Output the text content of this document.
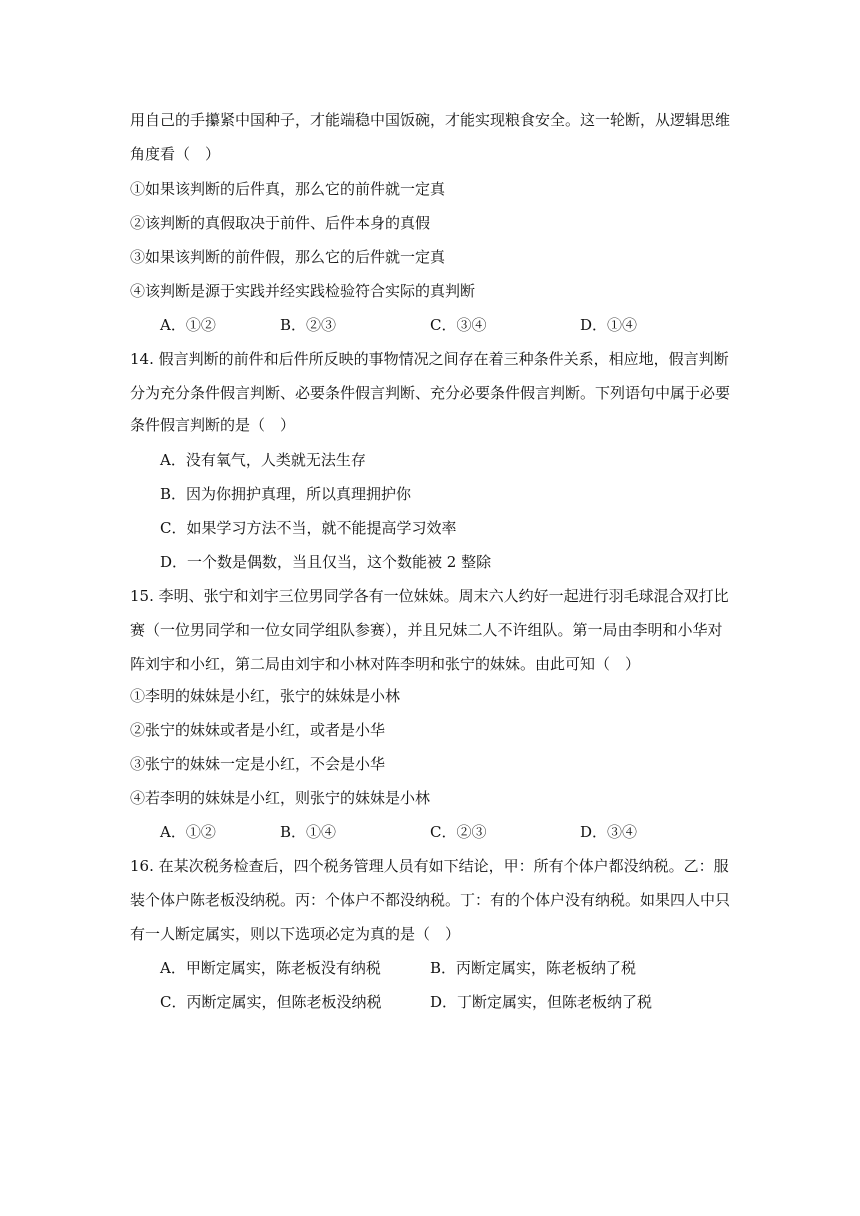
用自己的手攥紧中国种子，才能端稳中国饭碗，才能实现粮食安全。这一轮断，从逻辑思维
角度看（　）
①如果该判断的后件真，那么它的前件就一定真
②该判断的真假取决于前件、后件本身的真假
③如果该判断的前件假，那么它的后件就一定真
④该判断是源于实践并经实践检验符合实际的真判断
A．①②	B．②③	C．③④	D．①④
14. 假言判断的前件和后件所反映的事物情况之间存在着三种条件关系，相应地，假言判断
分为充分条件假言判断、必要条件假言判断、充分必要条件假言判断。下列语句中属于必要
条件假言判断的是（　）
A．没有氧气，人类就无法生存
B．因为你拥护真理，所以真理拥护你
C．如果学习方法不当，就不能提高学习效率
D．一个数是偶数，当且仅当，这个数能被 2 整除
15. 李明、张宁和刘宇三位男同学各有一位妹妹。周末六人约好一起进行羽毛球混合双打比
赛（一位男同学和一位女同学组队参赛），并且兄妹二人不许组队。第一局由李明和小华对
阵刘宇和小红，第二局由刘宇和小林对阵李明和张宁的妹妹。由此可知（　）
①李明的妹妹是小红，张宁的妹妹是小林
②张宁的妹妹或者是小红，或者是小华
③张宁的妹妹一定是小红，不会是小华
④若李明的妹妹是小红，则张宁的妹妹是小林
A．①②	B．①④	C．②③	D．③④
16. 在某次税务检查后，四个税务管理人员有如下结论，甲：所有个体户都没纳税。乙：服
装个体户陈老板没纳税。丙：个体户不都没纳税。丁：有的个体户没有纳税。如果四人中只
有一人断定属实，则以下选项必定为真的是（　）
A．甲断定属实，陈老板没有纳税	B．丙断定属实，陈老板纳了税
C．丙断定属实，但陈老板没纳税	D．丁断定属实，但陈老板纳了税
